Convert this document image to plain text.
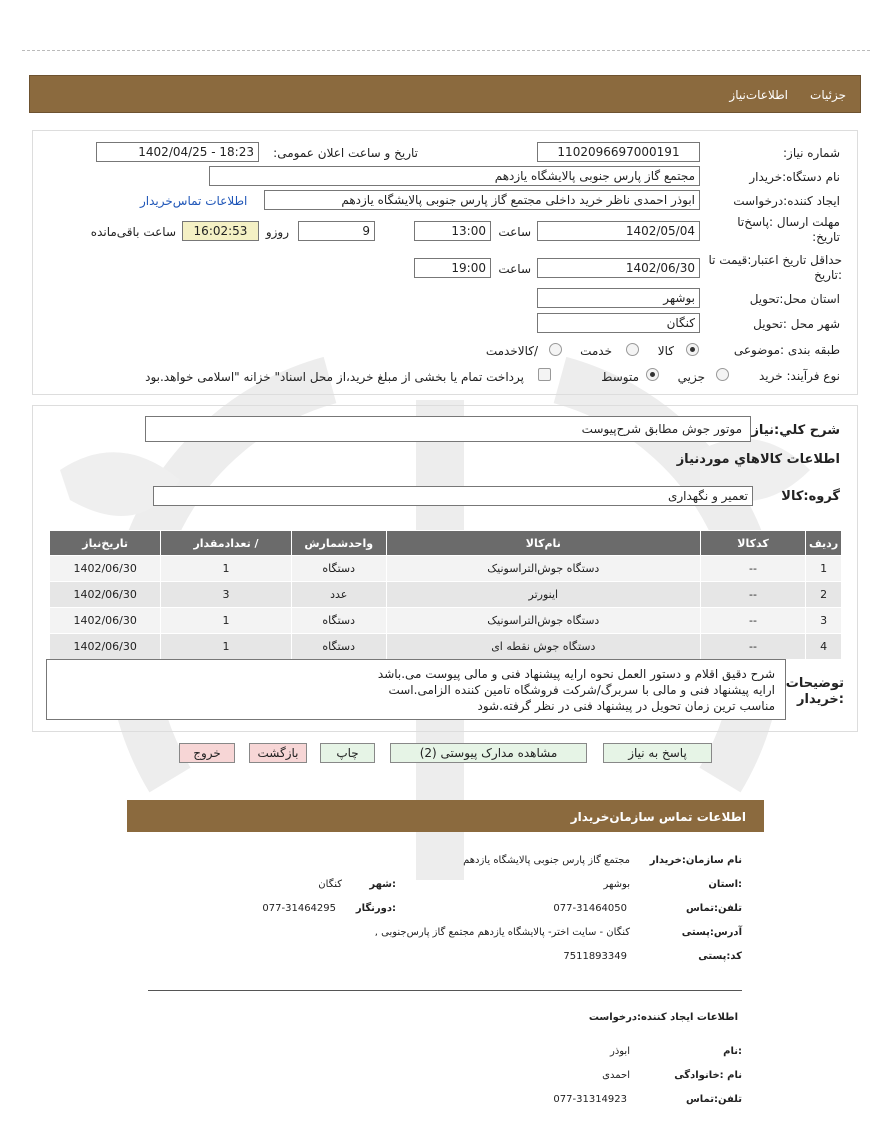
جزئیات
اطلاعات‌نیاز
شماره نیاز:
1102096697000191
تاریخ و ساعت اعلان عمومی:
1402/04/25 - 18:23
نام دستگاه:خریدار
مجتمع گاز پارس جنوبی پالایشگاه یازدهم
ایجاد کننده:درخواست
ابوذر احمدی ناظر خرید داخلی مجتمع گاز پارس جنوبی پالایشگاه یازدهم
اطلاعات تماس‌خریدار
مهلت ارسال :پاسخ‌تا تاریخ:
1402/05/04
ساعت
13:00
9
روزو
16:02:53
ساعت باقی‌مانده
حداقل تاریخ اعتبار:قیمت تا :تاریخ
1402/06/30
ساعت
19:00
استان محل:تحویل
بوشهر
شهر محل :تحویل
کنگان
طبقه بندی :موضوعی
کالا
خدمت
/کالاخدمت
نوع فرآیند: خرید
جزیي
متوسط
پرداخت تمام یا بخشی از مبلغ خرید،از محل اسناد" خزانه "اسلامی خواهد.بود
شرح کلي:نیاز
موتور جوش مطابق شرح‌پیوست
اطلاعات کالاهاي موردنیاز
گروه:کالا
تعمیر و نگهداری
ردیف	کدکالا	نام‌کالا	واحدشمارش	/ تعدادمقدار	تاریخ‌نیاز
1	--	دستگاه جوش‌التراسونیک	دستگاه	1	1402/06/30
2	--	اینورتر	عدد	3	1402/06/30
3	--	دستگاه جوش‌التراسونیک	دستگاه	1	1402/06/30
4	--	دستگاه جوش نقطه ای	دستگاه	1	1402/06/30
توضیحات :خریدار
شرح دقیق اقلام و دستور العمل نحوه ارایه پیشنهاد فنی و مالی پیوست می.باشد
ارایه پیشنهاد فنی و مالی با سربرگ/شرکت فروشگاه تامین کننده الزامی.است
مناسب ترین زمان تحویل در پیشنهاد فنی در نظر گرفته.شود
پاسخ به نیاز
مشاهده مدارک پیوستی (2)
چاپ
بازگشت
خروج
اطلاعات تماس سازمان‌خریدار
نام سازمان:خریدار
مجتمع گاز پارس جنوبی پالایشگاه یازدهم
:استان
بوشهر
:شهر
کنگان
تلفن:تماس
077-31464050
:دورنگار
077-31464295
آدرس:پستی
کنگان - سایت اختر- پالایشگاه یازدهم مجتمع گاز پارس‌جنوبی ,
کد:پستی
7511893349
اطلاعات ایجاد کننده:درخواست
:نام
ابوذر
نام :خانوادگی
احمدی
تلفن:تماس
077-31314923
